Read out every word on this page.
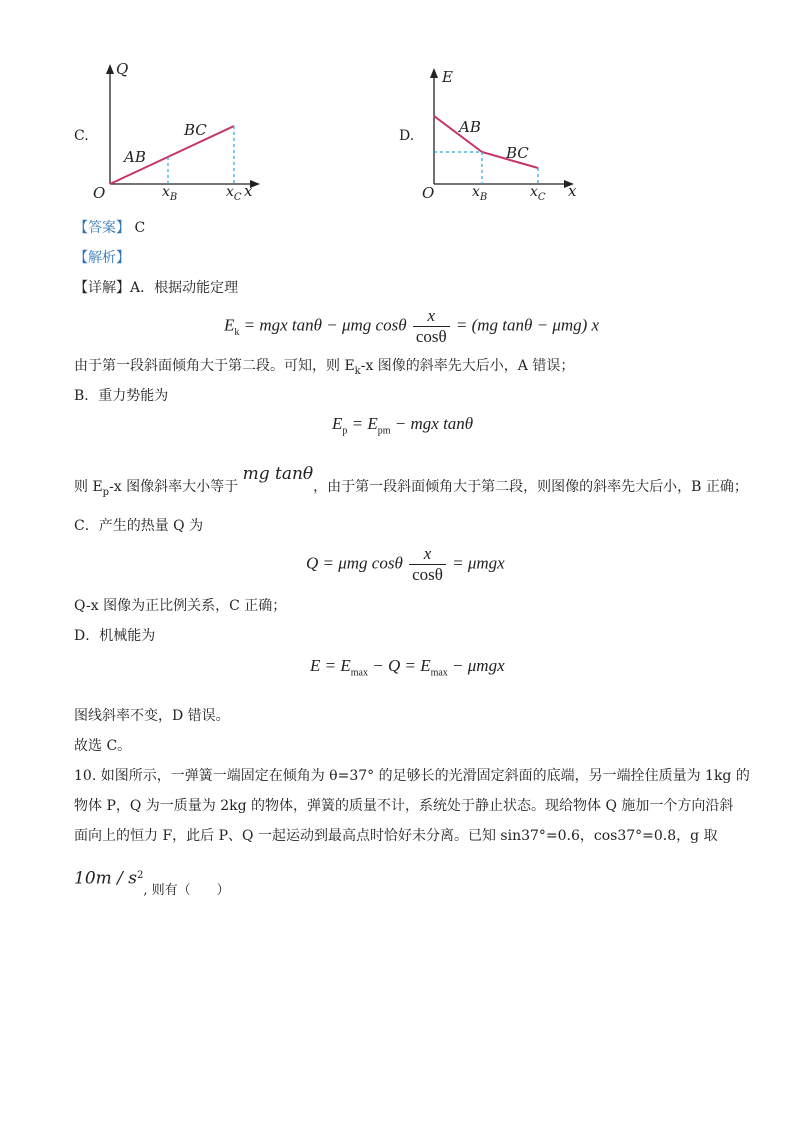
C.
Q
x
O
AB
BC
$x_B$	$x_C$
D.
E
x
O
AB
BC
$x_B$	$x_C$
【答案】 C
【解析】
【详解】A．根据动能定理
$E_k$ = mgx tanθ − μmg cosθ $\frac{x}{\cos\theta} = (mg$ tanθ − μmg) x
由于第一段斜面倾角大于第二段。可知，则 $E_k-x$ 图像的斜率先大后小，A 错误；
B．重力势能为
$E_p = E_{pm}$ − mgx tanθ
则 $E_p-x$ 图像斜率大小等于 mg tanθ，由于第一段斜面倾角大于第二段，则图像的斜率先大后小，B 正确；
C．产生的热量 Q 为
Q = μmg cosθ $\frac{x}{\cos\theta} = \mu mgx$
Q-x 图像为正比例关系，C 正确；
D．机械能为
$E = E_{max} - Q = E_{max} - \mu mgx$
图线斜率不变，D 错误。
故选 C。
10. 如图所示，一弹簧一端固定在倾角为 θ=37° 的足够长的光滑固定斜面的底端，另一端拴住质量为 1kg 的
物体 P，Q 为一质量为 2kg 的物体，弹簧的质量不计，系统处于静止状态。现给物体 Q 施加一个方向沿斜
面向上的恒力 F，此后 P、Q 一起运动到最高点时恰好未分离。已知 sin37°=0.6，cos37°=0.8，g 取
$10m / s^2$, 则有（　　）
